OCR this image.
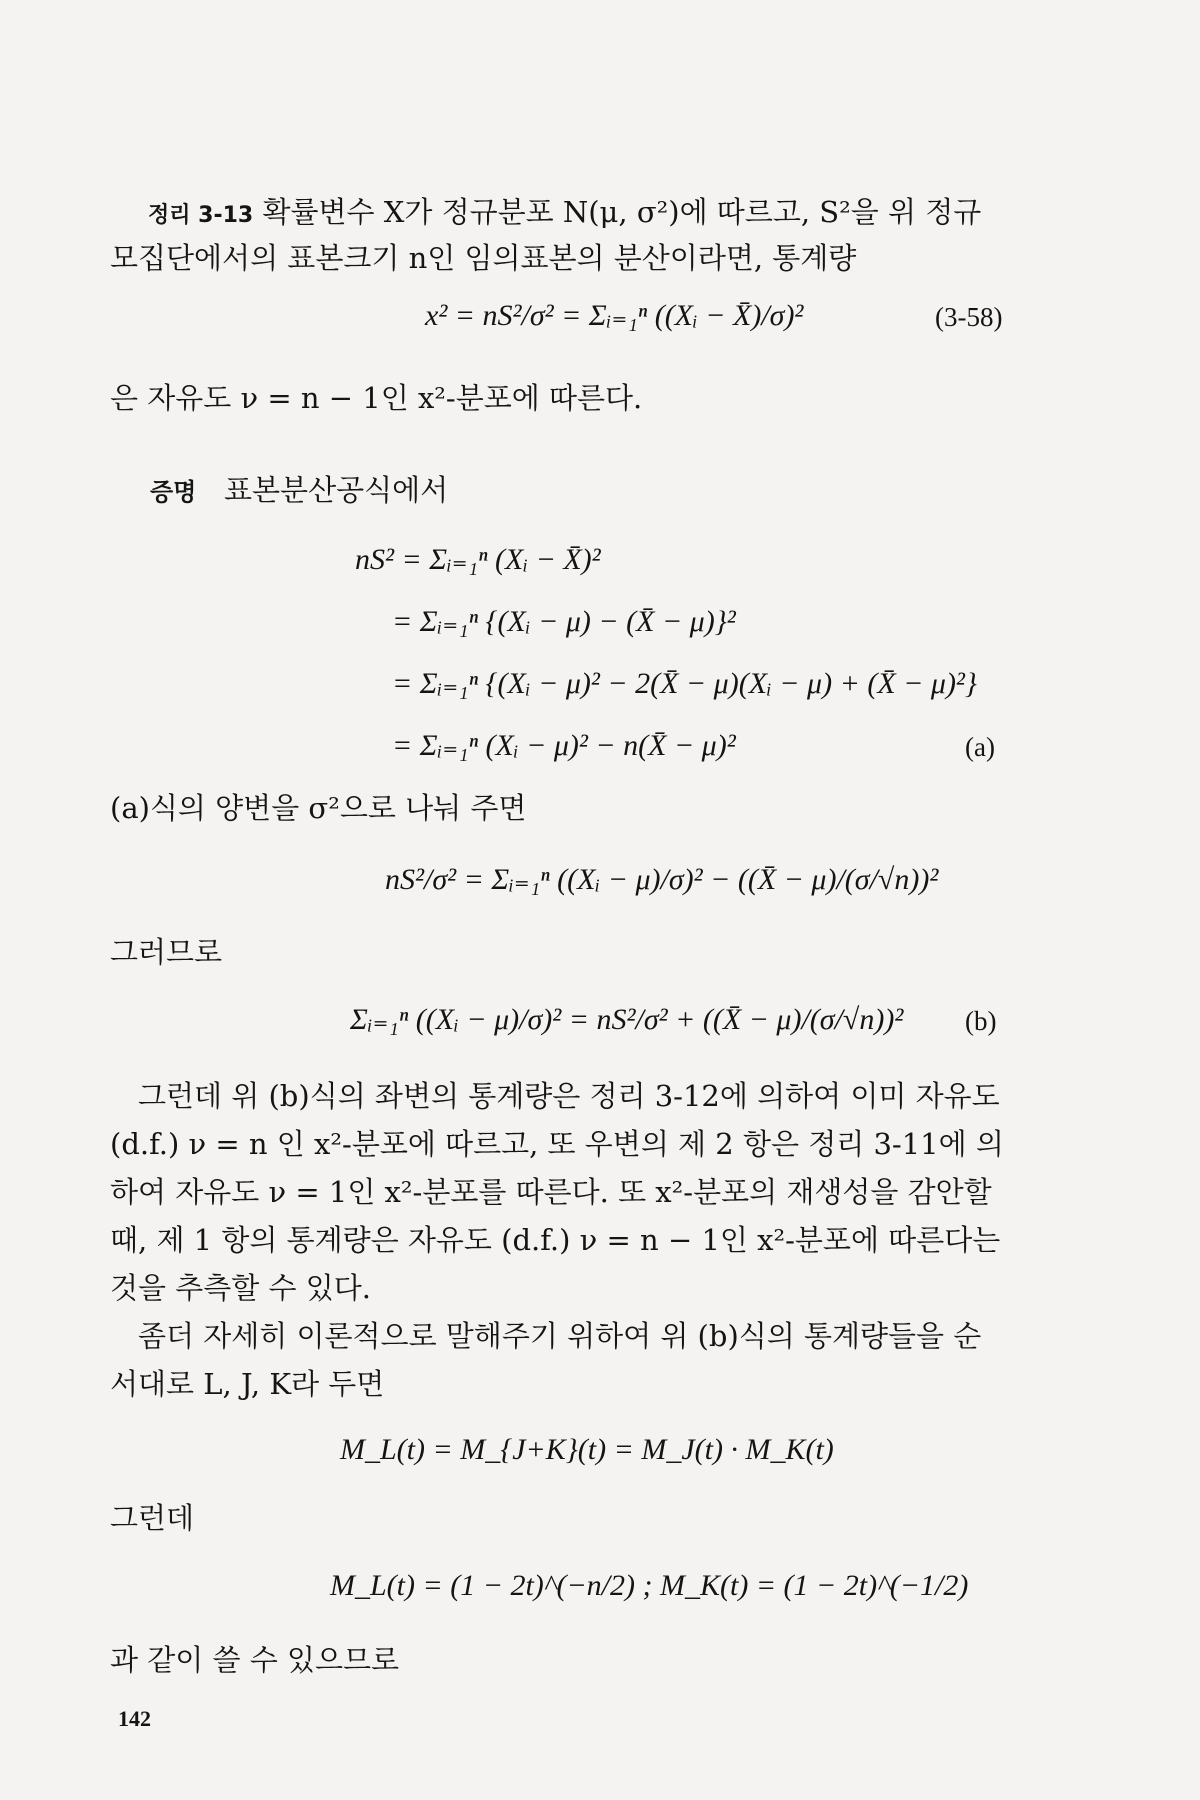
정리 3-13 확률변수 X가 정규분포 N(μ, σ²)에 따르고, S²을 위 정규
모집단에서의 표본크기 n인 임의표본의 분산이라면, 통계량
x² = nS²/σ² = Σᵢ₌₁ⁿ ((Xᵢ − X̄)/σ)²	(3-58)
은 자유도 ν = n − 1인 x²-분포에 따른다.
증명 표본분산공식에서
nS² = Σᵢ₌₁ⁿ (Xᵢ − X̄)²
= Σᵢ₌₁ⁿ {(Xᵢ − μ) − (X̄ − μ)}²
= Σᵢ₌₁ⁿ {(Xᵢ − μ)² − 2(X̄ − μ)(Xᵢ − μ) + (X̄ − μ)²}
= Σᵢ₌₁ⁿ (Xᵢ − μ)² − n(X̄ − μ)²	(a)
(a)식의 양변을 σ²으로 나눠 주면
nS²/σ² = Σᵢ₌₁ⁿ ((Xᵢ − μ)/σ)² − ((X̄ − μ)/(σ/√n))²
그러므로
Σᵢ₌₁ⁿ ((Xᵢ − μ)/σ)² = nS²/σ² + ((X̄ − μ)/(σ/√n))² (b)
그런데 위 (b)식의 좌변의 통계량은 정리 3-12에 의하여 이미 자유도
(d.f.) ν = n 인 x²-분포에 따르고, 또 우변의 제 2 항은 정리 3-11에 의
하여 자유도 ν = 1인 x²-분포를 따른다. 또 x²-분포의 재생성을 감안할
때, 제 1 항의 통계량은 자유도 (d.f.) ν = n − 1인 x²-분포에 따른다는
것을 추측할 수 있다.
좀더 자세히 이론적으로 말해주기 위하여 위 (b)식의 통계량들을 순
서대로 L, J, K라 두면
M_L(t) = M_{J+K}(t) = M_J(t) · M_K(t)
그런데
M_L(t) = (1 − 2t)^(−n/2) ; M_K(t) = (1 − 2t)^(−1/2)
과 같이 쓸 수 있으므로
142
